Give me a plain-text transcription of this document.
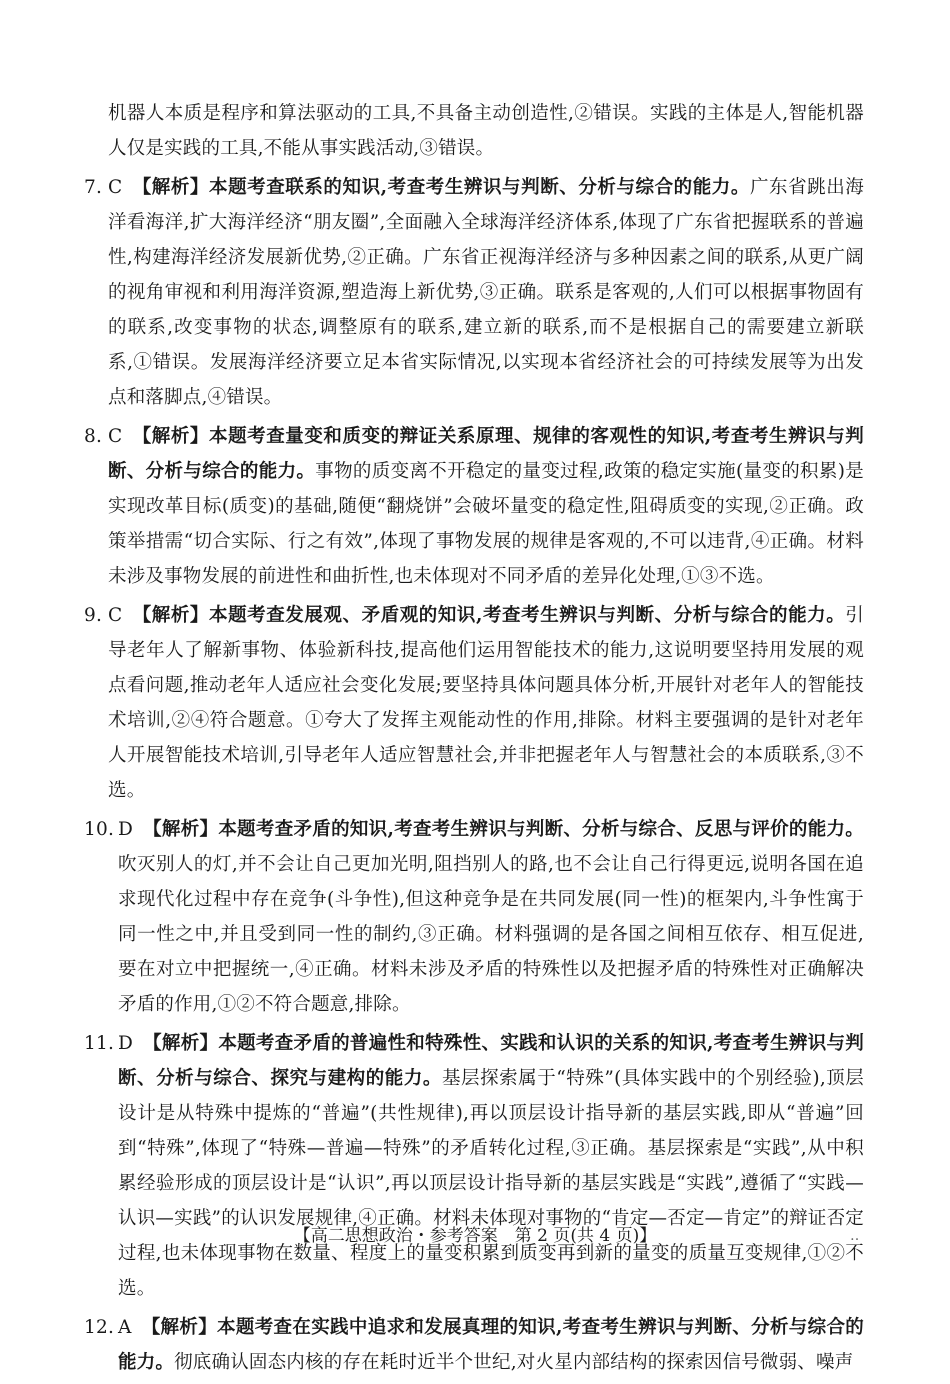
机器人本质是程序和算法驱动的工具,不具备主动创造性,②错误。实践的主体是人,智能机器人仅是实践的工具,不能从事实践活动,③错误。

7. C 【解析】本题考查联系的知识,考查考生辨识与判断、分析与综合的能力。广东省跳出海洋看海洋,扩大海洋经济“朋友圈”,全面融入全球海洋经济体系,体现了广东省把握联系的普遍性,构建海洋经济发展新优势,②正确。广东省正视海洋经济与多种因素之间的联系,从更广阔的视角审视和利用海洋资源,塑造海上新优势,③正确。联系是客观的,人们可以根据事物固有的联系,改变事物的状态,调整原有的联系,建立新的联系,而不是根据自己的需要建立新联系,①错误。发展海洋经济要立足本省实际情况,以实现本省经济社会的可持续发展等为出发点和落脚点,④错误。
8. C 【解析】本题考查量变和质变的辩证关系原理、规律的客观性的知识,考查考生辨识与判断、分析与综合的能力。事物的质变离不开稳定的量变过程,政策的稳定实施(量变的积累)是实现改革目标(质变)的基础,随便“翻烧饼”会破坏量变的稳定性,阻碍质变的实现,②正确。政策举措需“切合实际、行之有效”,体现了事物发展的规律是客观的,不可以违背,④正确。材料未涉及事物发展的前进性和曲折性,也未体现对不同矛盾的差异化处理,①③不选。
9. C 【解析】本题考查发展观、矛盾观的知识,考查考生辨识与判断、分析与综合的能力。引导老年人了解新事物、体验新科技,提高他们运用智能技术的能力,这说明要坚持用发展的观点看问题,推动老年人适应社会变化发展;要坚持具体问题具体分析,开展针对老年人的智能技术培训,②④符合题意。①夸大了发挥主观能动性的作用,排除。材料主要强调的是针对老年人开展智能技术培训,引导老年人适应智慧社会,并非把握老年人与智慧社会的本质联系,③不选。
10. D 【解析】本题考查矛盾的知识,考查考生辨识与判断、分析与综合、反思与评价的能力。吹灭别人的灯,并不会让自己更加光明,阻挡别人的路,也不会让自己行得更远,说明各国在追求现代化过程中存在竞争(斗争性),但这种竞争是在共同发展(同一性)的框架内,斗争性寓于同一性之中,并且受到同一性的制约,③正确。材料强调的是各国之间相互依存、相互促进,要在对立中把握统一,④正确。材料未涉及矛盾的特殊性以及把握矛盾的特殊性对正确解决矛盾的作用,①②不符合题意,排除。
11. D 【解析】本题考查矛盾的普遍性和特殊性、实践和认识的关系的知识,考查考生辨识与判断、分析与综合、探究与建构的能力。基层探索属于“特殊”(具体实践中的个别经验),顶层设计是从特殊中提炼的“普遍”(共性规律),再以顶层设计指导新的基层实践,即从“普遍”回到“特殊”,体现了“特殊—普遍—特殊”的矛盾转化过程,③正确。基层探索是“实践”,从中积累经验形成的顶层设计是“认识”,再以顶层设计指导新的基层实践是“实践”,遵循了“实践—认识—实践”的认识发展规律,④正确。材料未体现对事物的“肯定—否定—肯定”的辩证否定过程,也未体现事物在数量、程度上的量变积累到质变再到新的量变的质量互变规律,①②不选。
12. A 【解析】本题考查在实践中追求和发展真理的知识,考查考生辨识与判断、分析与综合的能力。彻底确认固态内核的存在耗时近半个世纪,对火星内部结构的探索因信号微弱、噪声
【高二思想政治・参考答案　第 2 页(共 4 页)】	‥
